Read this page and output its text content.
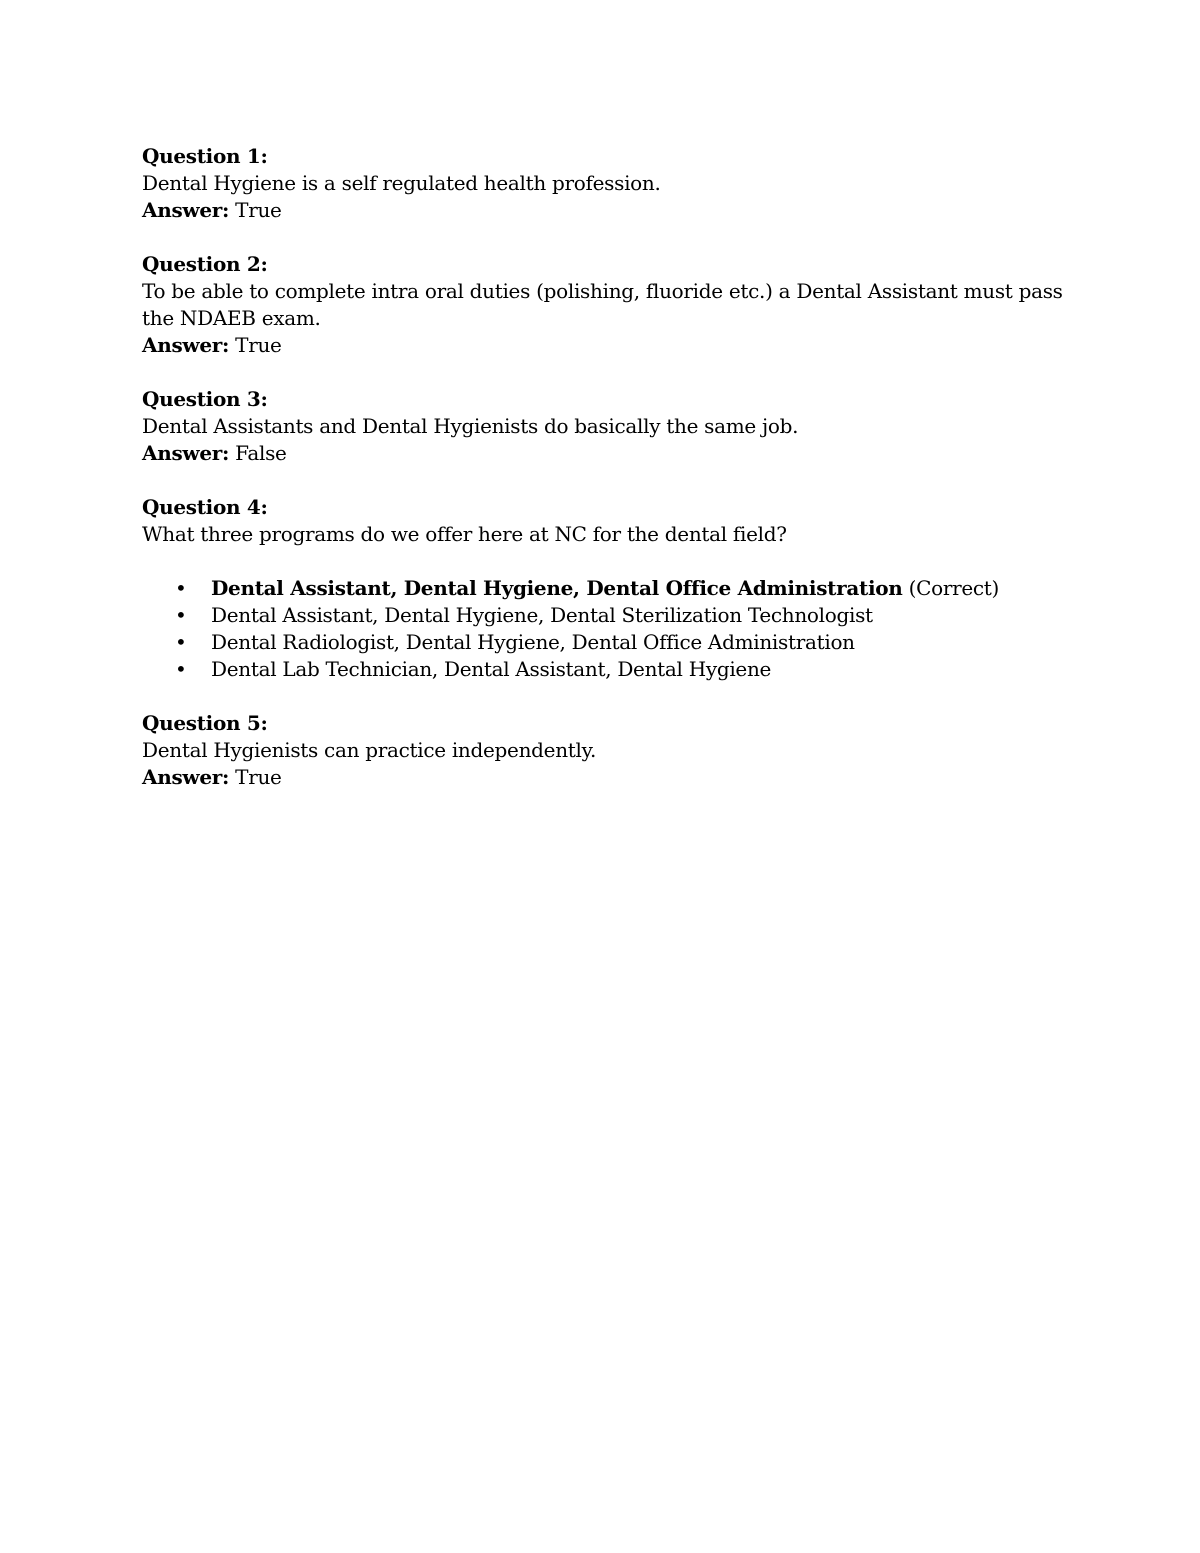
Question 1:
Dental Hygiene is a self regulated health profession.
Answer: True
Question 2:
To be able to complete intra oral duties (polishing, fluoride etc.) a Dental Assistant must pass the NDAEB exam.
Answer: True
Question 3:
Dental Assistants and Dental Hygienists do basically the same job.
Answer: False
Question 4:
What three programs do we offer here at NC for the dental field?
• Dental Assistant, Dental Hygiene, Dental Office Administration (Correct)
• Dental Assistant, Dental Hygiene, Dental Sterilization Technologist
• Dental Radiologist, Dental Hygiene, Dental Office Administration
• Dental Lab Technician, Dental Assistant, Dental Hygiene
Question 5:
Dental Hygienists can practice independently.
Answer: True
